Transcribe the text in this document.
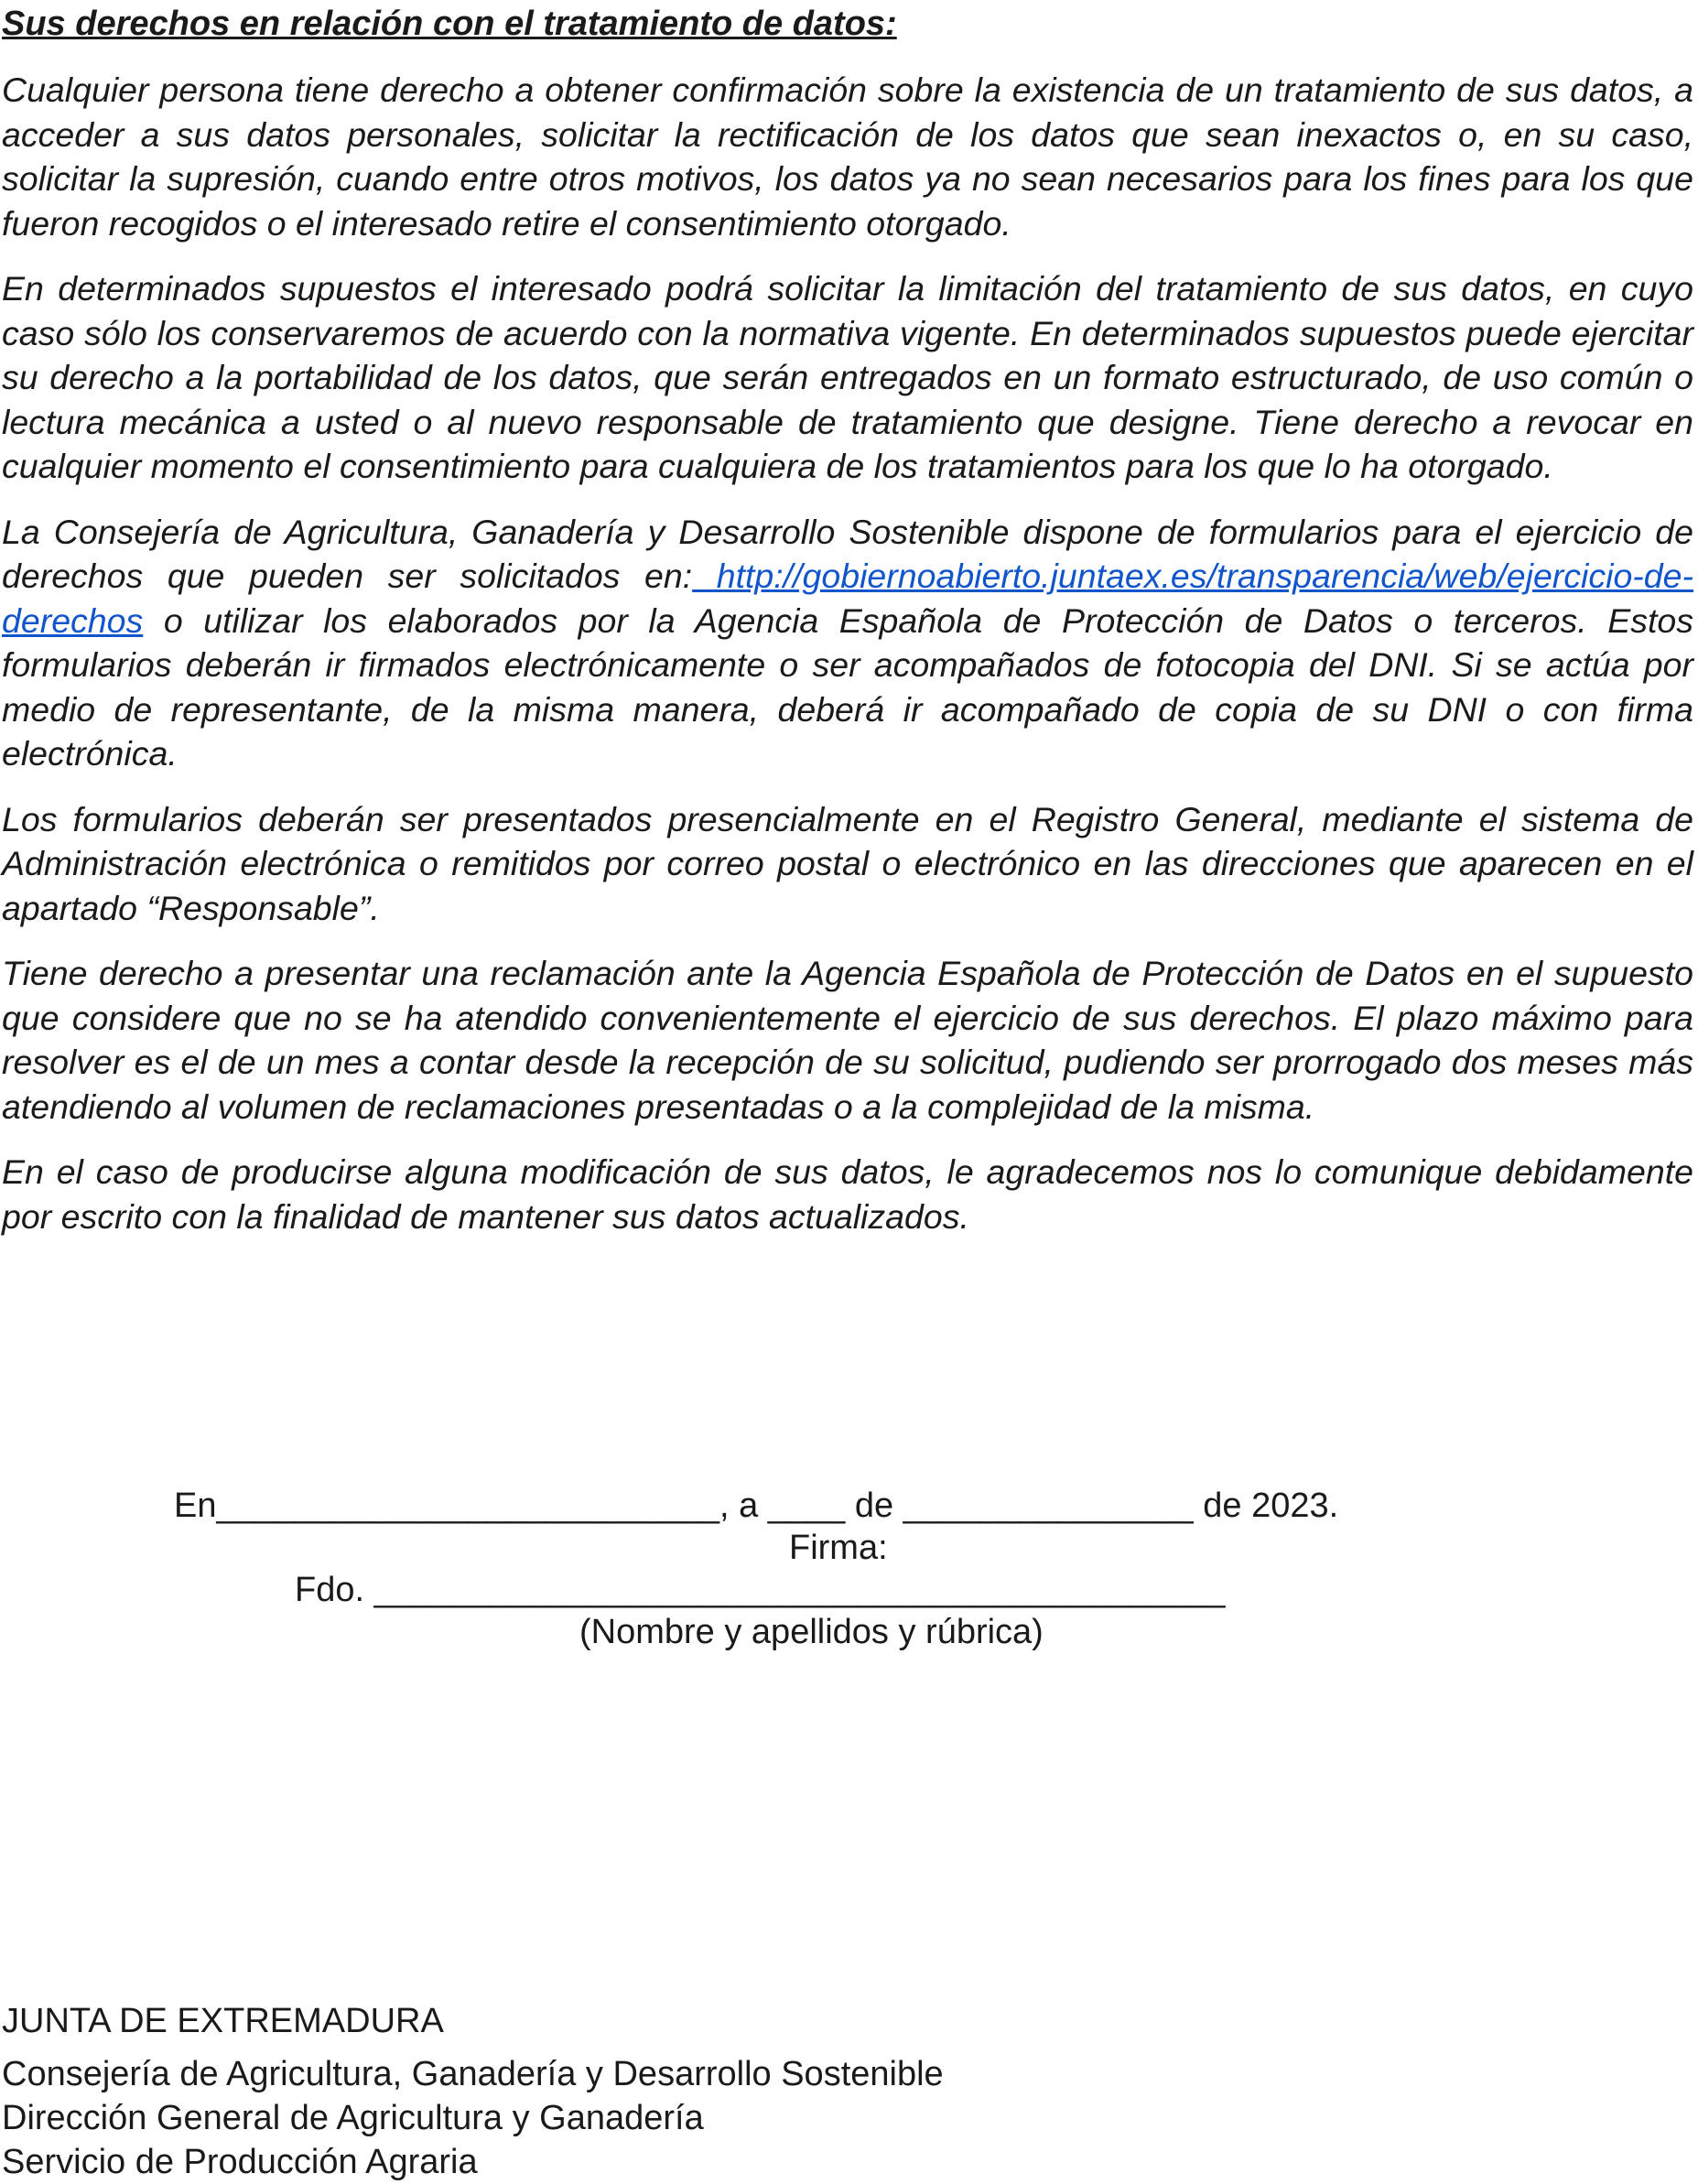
Sus derechos en relación con el tratamiento de datos:

Cualquier persona tiene derecho a obtener confirmación sobre la existencia de un tratamiento de sus datos, a acceder a sus datos personales, solicitar la rectificación de los datos que sean inexactos o, en su caso, solicitar la supresión, cuando entre otros motivos, los datos ya no sean necesarios para los fines para los que fueron recogidos o el interesado retire el consentimiento otorgado.

En determinados supuestos el interesado podrá solicitar la limitación del tratamiento de sus datos, en cuyo caso sólo los conservaremos de acuerdo con la normativa vigente. En determinados supuestos puede ejercitar su derecho a la portabilidad de los datos, que serán entregados en un formato estructurado, de uso común o lectura mecánica a usted o al nuevo responsable de tratamiento que designe. Tiene derecho a revocar en cualquier momento el consentimiento para cualquiera de los tratamientos para los que lo ha otorgado.

La Consejería de Agricultura, Ganadería y Desarrollo Sostenible dispone de formularios para el ejercicio de derechos que pueden ser solicitados en: http://gobiernoabierto.juntaex.es/transparencia/web/ejercicio-de-derechos o utilizar los elaborados por la Agencia Española de Protección de Datos o terceros. Estos formularios deberán ir firmados electrónicamente o ser acompañados de fotocopia del DNI. Si se actúa por medio de representante, de la misma manera, deberá ir acompañado de copia de su DNI o con firma electrónica.

Los formularios deberán ser presentados presencialmente en el Registro General, mediante el sistema de Administración electrónica o remitidos por correo postal o electrónico en las direcciones que aparecen en el apartado “Responsable”.

Tiene derecho a presentar una reclamación ante la Agencia Española de Protección de Datos en el supuesto que considere que no se ha atendido convenientemente el ejercicio de sus derechos. El plazo máximo para resolver es el de un mes a contar desde la recepción de su solicitud, pudiendo ser prorrogado dos meses más atendiendo al volumen de reclamaciones presentadas o a la complejidad de la misma.

En el caso de producirse alguna modificación de sus datos, le agradecemos nos lo comunique debidamente por escrito con la finalidad de mantener sus datos actualizados.

En__________________________, a ____ de _______________ de 2023.
Firma:
Fdo. ____________________________________________
(Nombre y apellidos y rúbrica)
JUNTA DE EXTREMADURA
Consejería de Agricultura, Ganadería y Desarrollo Sostenible
Dirección General de Agricultura y Ganadería
Servicio de Producción Agraria
